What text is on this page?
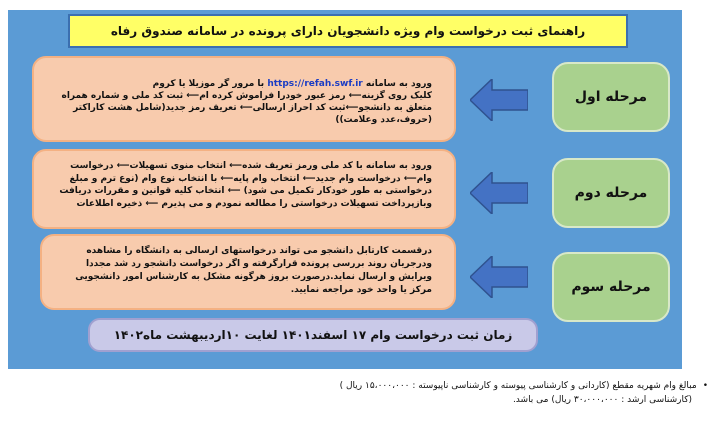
راهنمای ثبت درخواست وام ویژه دانشجویان دارای پرونده در سامانه صندوق رفاه
مرحله اول

ورود به سامانه https://refah.swf.ir با مرور گر موزیلا یا کروم

کلیک روی گزینه⟵ رمز عبور خودرا فراموش کرده ام⟵ ثبت کد ملی و شماره همراه متعلق به دانشجو⟵ثبت کد احراز ارسالی⟵ تعریف رمز جدید(شامل هشت کاراکتر (حروف،عدد وعلامت))

مرحله دوم

ورود به سامانه با کد ملی ورمز تعریف شده⟵ انتخاب منوی تسهیلات⟵ درخواست وام⟵ درخواست وام جدید⟵ انتخاب وام پایه⟵ با انتخاب نوع وام (نوع ترم و مبلغ درخواستی به طور خودکار تکمیل می شود) ⟵ انتخاب کلیه قوانین و مقررات دریافت وبازپرداخت تسهیلات درخواستی را مطالعه نمودم و می پذیرم ⟵ ذخیره اطلاعات

مرحله سوم

درقسمت کارتابل دانشجو می تواند درخواستهای ارسالی به دانشگاه را مشاهده ودرجریان روند بررسی پرونده قرارگرفته و اگر درخواست دانشجو رد شد مجددا ویرایش و ارسال نماید.درصورت بروز هرگونه مشکل به کارشناس امور دانشجویی مرکز یا واحد خود مراجعه نمایید.

زمان ثبت درخواست وام ۱۷ اسفند۱۴۰۱ لغایت ۱۰اردیبهشت ماه۱۴۰۲
•
مبالغ وام شهریه مقطع (کاردانی و کارشناسی پیوسته و کارشناسی ناپیوسته : ۱۵،۰۰۰،۰۰۰ ریال )
(کارشناسی ارشد : ۳۰،۰۰۰،۰۰۰ ریال) می باشد.
